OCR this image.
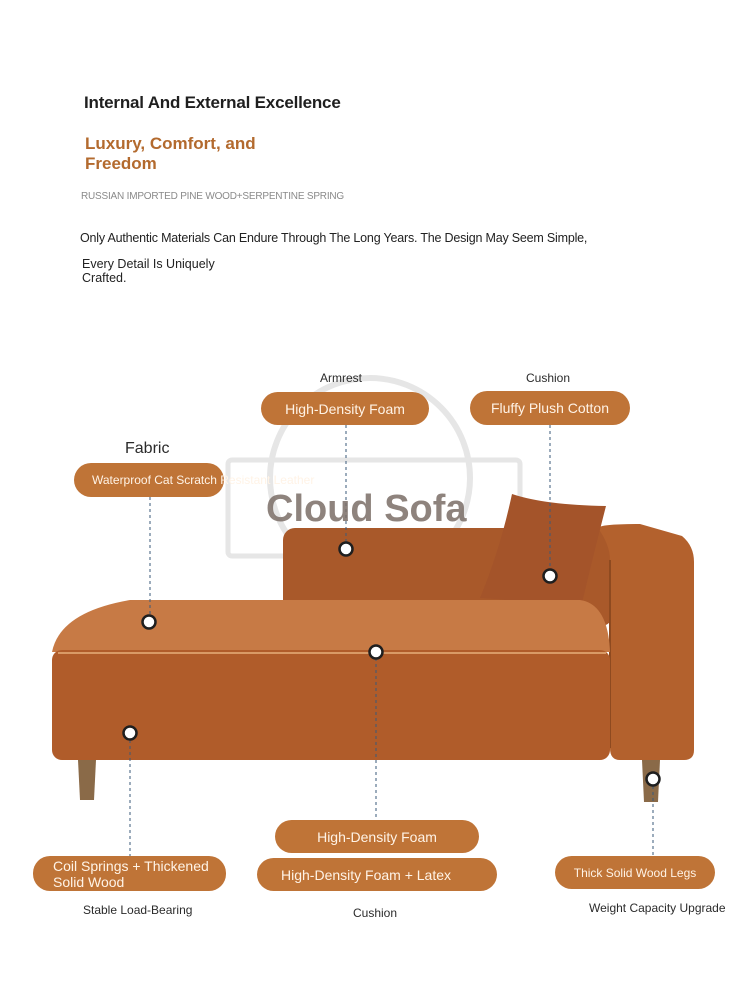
Internal And External Excellence
Luxury, Comfort, and Freedom
RUSSIAN IMPORTED PINE WOOD+SERPENTINE SPRING
Only Authentic Materials Can Endure Through The Long Years. The Design May Seem Simple,
Every Detail Is Uniquely Crafted.
Cloud Sofa
Armrest
High-Density Foam
Cushion
Fluffy Plush Cotton
Fabric
Waterproof Cat Scratch Resistant Leather
Coil Springs + Thickened Solid Wood
Stable Load-Bearing
High-Density Foam
High-Density Foam + Latex
Cushion
Thick Solid Wood Legs
Weight Capacity Upgrade
